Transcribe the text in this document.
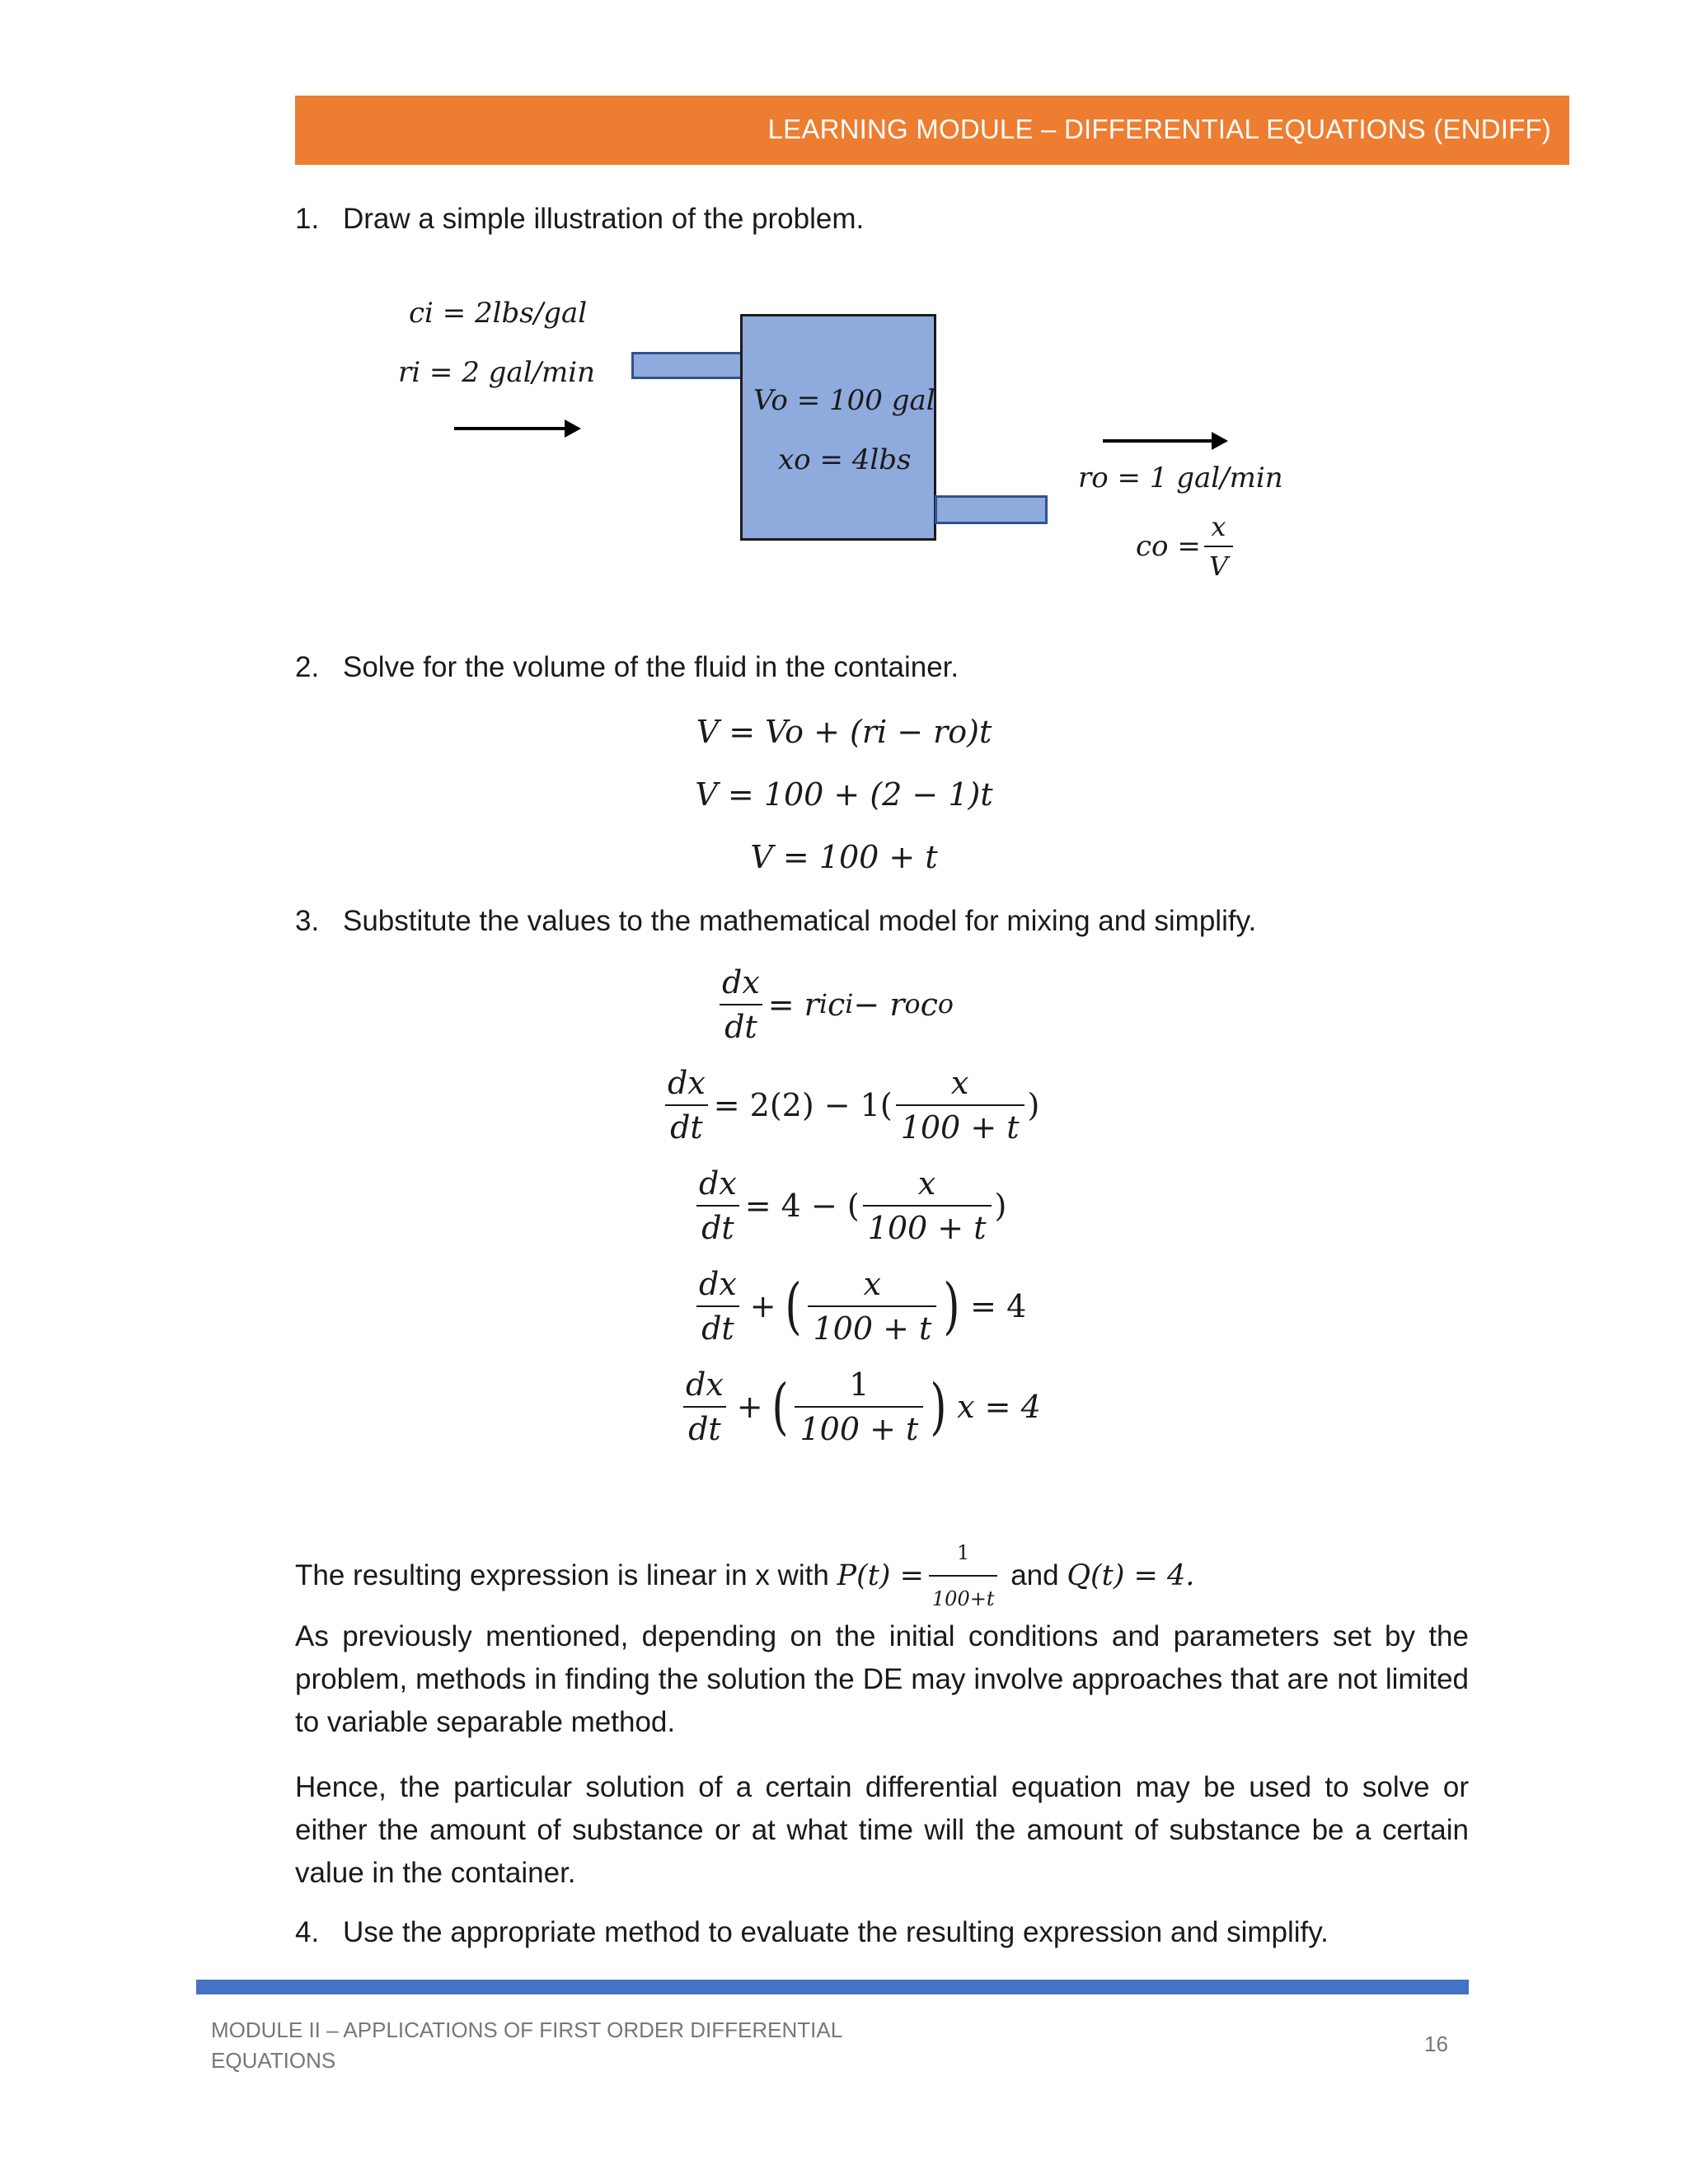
LEARNING MODULE – DIFFERENTIAL EQUATIONS (ENDIFF)
1. Draw a simple illustration of the problem.
ci = 2lbs/gal
ri = 2 gal/min
Vo = 100 gal
xo = 4lbs
ro = 1 gal/min
co = $\frac{x}{V}$
2. Solve for the volume of the fluid in the container.
V = Vo + (ri − ro)t
V = 100 + (2 − 1)t
V = 100 + t
3. Substitute the values to the mathematical model for mixing and simplify.
$\frac{dx}{dt} = r$ i c i − r o c o
$\frac{dx}{dt} = 2(2) - 1( \frac{x}{100 + t}$ )
$\frac{dx}{dt} = 4$ − ( $\frac{x}{100 + t}$ )
$\frac{dx}{dt}$ + ( $\frac{x}{100 + t}$ ) = 4
$\frac{dx}{dt}$ + ( $\frac{1}{100 + t}$ ) x = 4
The resulting expression is linear in x with $P(t) = \frac{1}{100+t}$ and Q(t) = 4 .
As previously mentioned, depending on the initial conditions and parameters set by the problem, methods in finding the solution the DE may involve approaches that are not limited to variable separable method.
Hence, the particular solution of a certain differential equation may be used to solve or either the amount of substance or at what time will the amount of substance be a certain value in the container.
4. Use the appropriate method to evaluate the resulting expression and simplify.
MODULE II – APPLICATIONS OF FIRST ORDER DIFFERENTIAL EQUATIONS
16
